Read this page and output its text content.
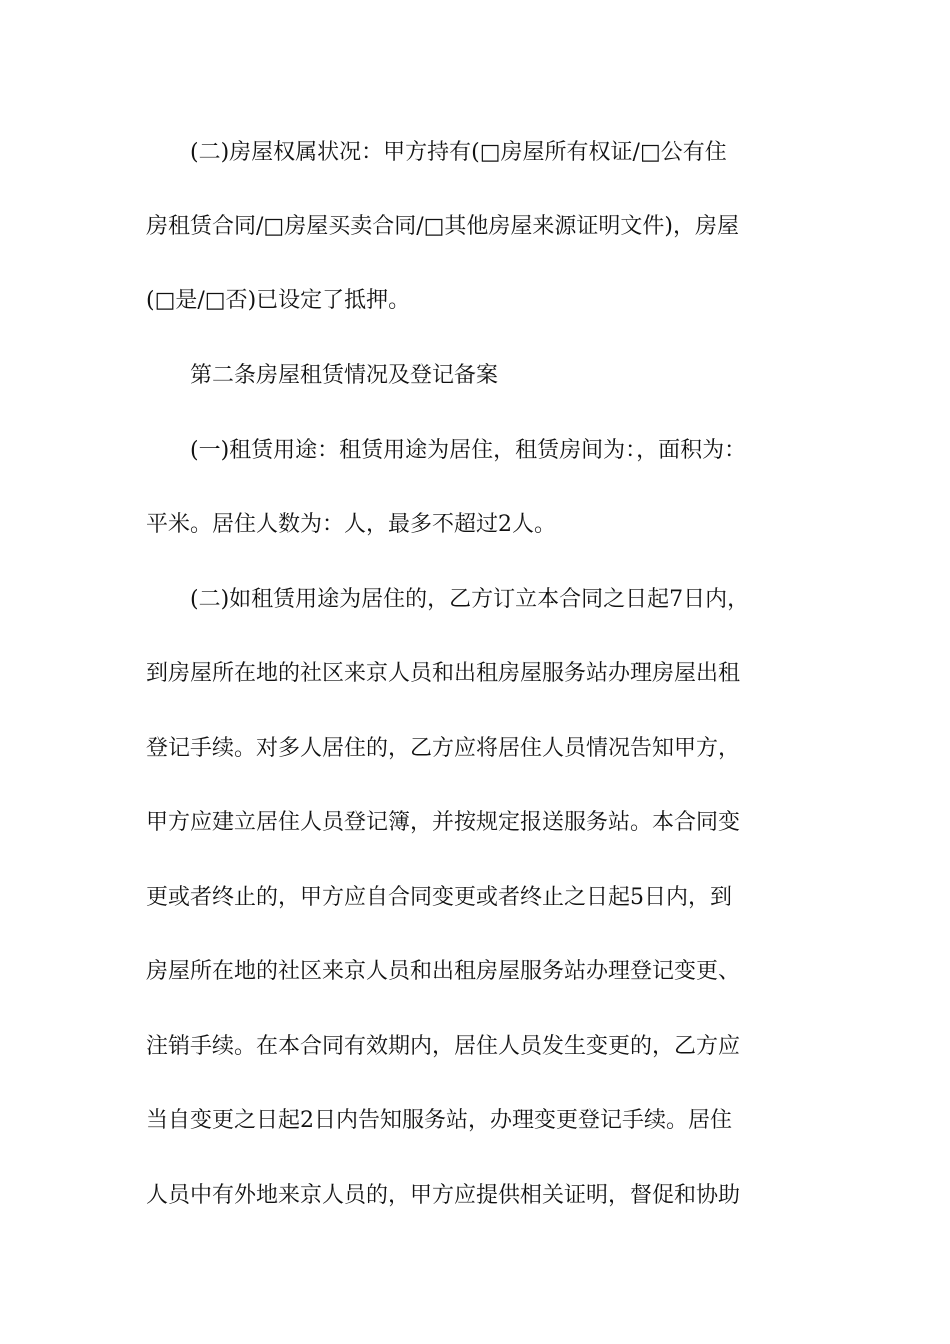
(二)房屋权属状况：甲方持有(□房屋所有权证/□公有住
房租赁合同/□房屋买卖合同/□其他房屋来源证明文件)，房屋
(□是/□否)已设定了抵押。
第二条房屋租赁情况及登记备案
(一)租赁用途：租赁用途为居住，租赁房间为：，面积为：
平米。居住人数为：人，最多不超过2人。
(二)如租赁用途为居住的，乙方订立本合同之日起7日内，
到房屋所在地的社区来京人员和出租房屋服务站办理房屋出租
登记手续。对多人居住的，乙方应将居住人员情况告知甲方，
甲方应建立居住人员登记簿，并按规定报送服务站。本合同变
更或者终止的，甲方应自合同变更或者终止之日起5日内，到
房屋所在地的社区来京人员和出租房屋服务站办理登记变更、
注销手续。在本合同有效期内，居住人员发生变更的，乙方应
当自变更之日起2日内告知服务站，办理变更登记手续。居住
人员中有外地来京人员的，甲方应提供相关证明，督促和协助
